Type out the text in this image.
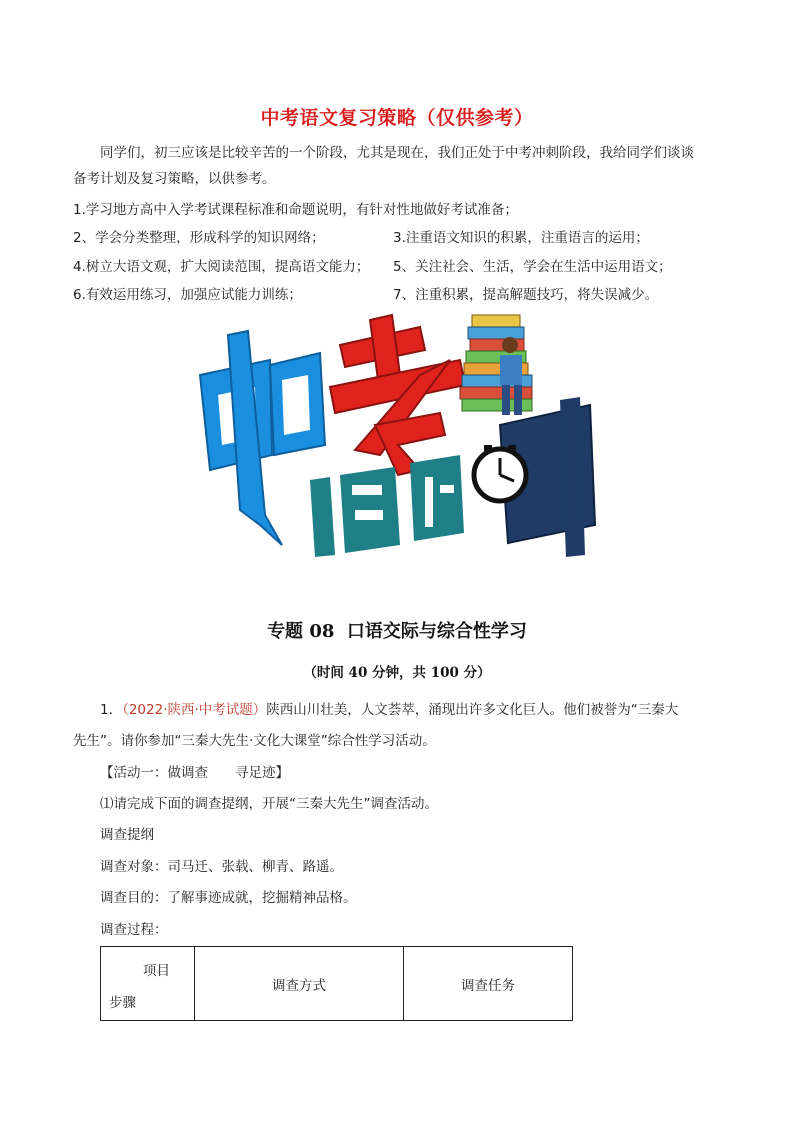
中考语文复习策略（仅供参考）
同学们，初三应该是比较辛苦的一个阶段，尤其是现在，我们正处于中考冲刺阶段，我给同学们谈谈
备考计划及复习策略，以供参考。
1.学习地方高中入学考试课程标准和命题说明，有针对性地做好考试准备；
2、学会分类整理，形成科学的知识网络；	3.注重语文知识的积累，注重语言的运用；
4.树立大语文观，扩大阅读范围，提高语文能力； 5、关注社会、生活，学会在生活中运用语文；
6.有效运用练习，加强应试能力训练；	7、注重积累，提高解题技巧，将失误减少。
专题 08  口语交际与综合性学习
（时间 40 分钟，共 100 分）
1．（2022·陕西·中考试题）陕西山川壮美，人文荟萃，涌现出许多文化巨人。他们被誉为“三秦大
先生”。请你参加“三秦大先生·文化大课堂”综合性学习活动。
【活动一：做调查　　寻足迹】
⑴请完成下面的调查提纲，开展“三秦大先生”调查活动。
调查提纲
调查对象：司马迁、张载、柳青、路遥。
调查目的：了解事迹成就，挖掘精神品格。
调查过程：
项目
步骤
	调查方式	调查任务
